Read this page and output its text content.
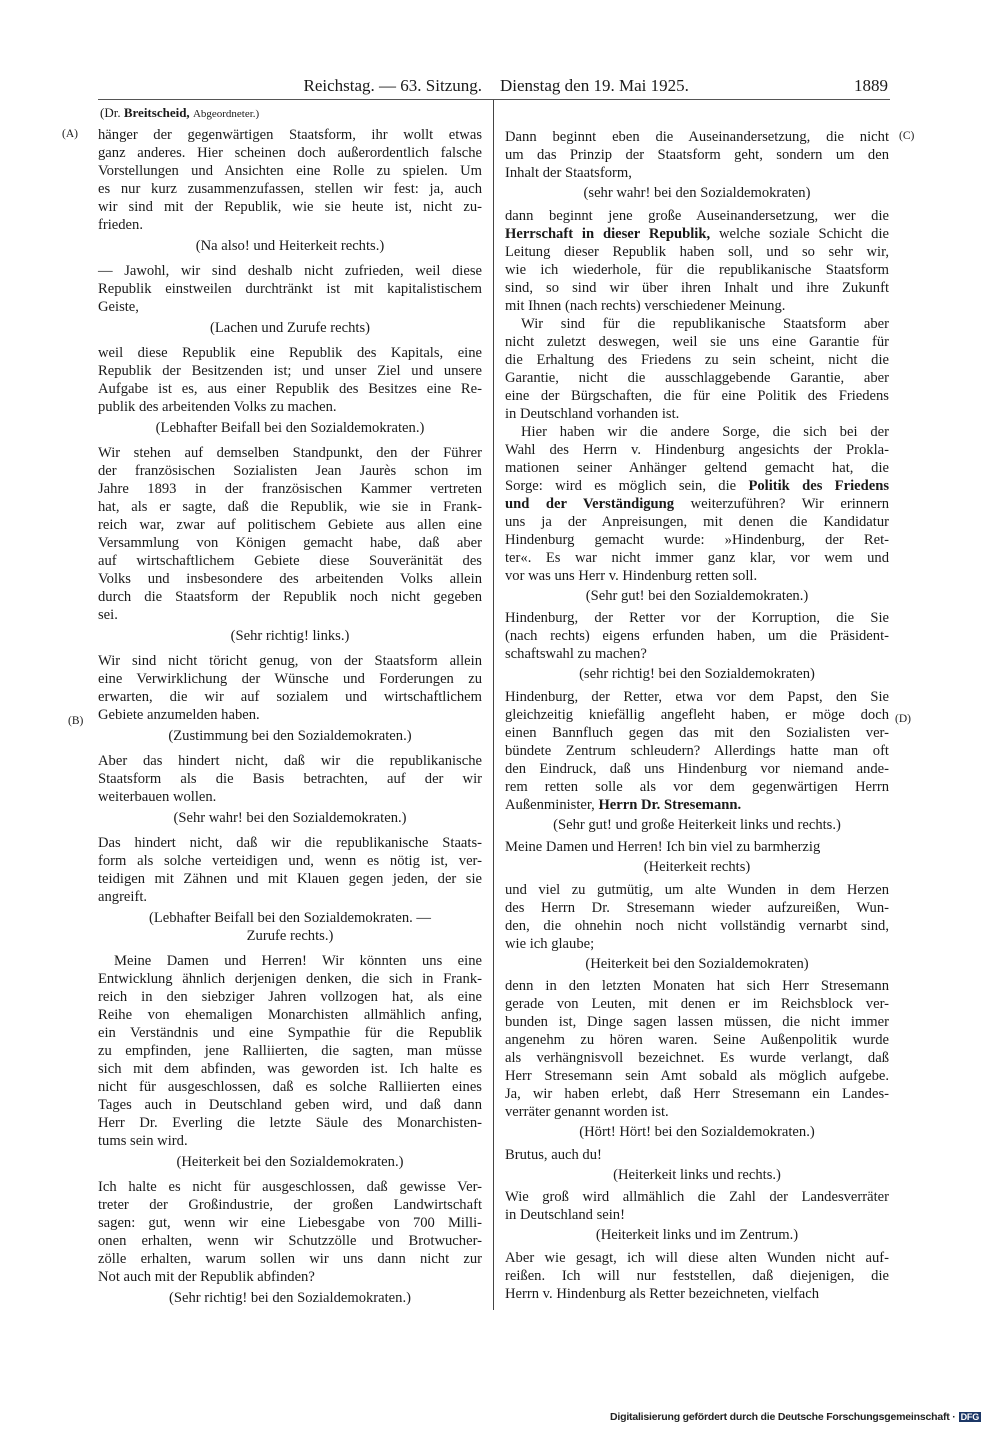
Reichstag. — 63. Sitzung. Dienstag den 19. Mai 1925.	1889
(A)
(B)
(C)
(D)
(Dr. Breitscheid, Abgeordneter.)
hänger der gegenwärtigen Staatsform, ihr wollt etwas
ganz anderes. Hier scheinen doch außerordentlich falsche
Vorstellungen und Ansichten eine Rolle zu spielen. Um
es nur kurz zusammenzufassen, stellen wir fest: ja, auch
wir sind mit der Republik, wie sie heute ist, nicht zu-
frieden.
(Na also! und Heiterkeit rechts.)
— Jawohl, wir sind deshalb nicht zufrieden, weil diese
Republik einstweilen durchtränkt ist mit kapitalistischem
Geiste,
(Lachen und Zurufe rechts)
weil diese Republik eine Republik des Kapitals, eine
Republik der Besitzenden ist; und unser Ziel und unsere
Aufgabe ist es, aus einer Republik des Besitzes eine Re-
publik des arbeitenden Volks zu machen.
(Lebhafter Beifall bei den Sozialdemokraten.)
Wir stehen auf demselben Standpunkt, den der Führer
der französischen Sozialisten Jean Jaurès schon im
Jahre 1893 in der französischen Kammer vertreten
hat, als er sagte, daß die Republik, wie sie in Frank-
reich war, zwar auf politischem Gebiete aus allen eine
Versammlung von Königen gemacht habe, daß aber
auf wirtschaftlichem Gebiete diese Souveränität des
Volks und insbesondere des arbeitenden Volks allein
durch die Staatsform der Republik noch nicht gegeben
sei.
(Sehr richtig! links.)
Wir sind nicht töricht genug, von der Staatsform allein
eine Verwirklichung der Wünsche und Forderungen zu
erwarten, die wir auf sozialem und wirtschaftlichem
Gebiete anzumelden haben.
(Zustimmung bei den Sozialdemokraten.)
Aber das hindert nicht, daß wir die republikanische
Staatsform als die Basis betrachten, auf der wir
weiterbauen wollen.
(Sehr wahr! bei den Sozialdemokraten.)
Das hindert nicht, daß wir die republikanische Staats-
form als solche verteidigen und, wenn es nötig ist, ver-
teidigen mit Zähnen und mit Klauen gegen jeden, der sie
angreift.
(Lebhafter Beifall bei den Sozialdemokraten. —
Zurufe rechts.)
Meine Damen und Herren! Wir könnten uns eine
Entwicklung ähnlich derjenigen denken, die sich in Frank-
reich in den siebziger Jahren vollzogen hat, als eine
Reihe von ehemaligen Monarchisten allmählich anfing,
ein Verständnis und eine Sympathie für die Republik
zu empfinden, jene Ralliierten, die sagten, man müsse
sich mit dem abfinden, was geworden ist. Ich halte es
nicht für ausgeschlossen, daß es solche Ralliierten eines
Tages auch in Deutschland geben wird, und daß dann
Herr Dr. Everling die letzte Säule des Monarchisten-
tums sein wird.
(Heiterkeit bei den Sozialdemokraten.)
Ich halte es nicht für ausgeschlossen, daß gewisse Ver-
treter der Großindustrie, der großen Landwirtschaft
sagen: gut, wenn wir eine Liebesgabe von 700 Milli-
onen erhalten, wenn wir Schutzzölle und Brotwucher-
zölle erhalten, warum sollen wir uns dann nicht zur
Not auch mit der Republik abfinden?
(Sehr richtig! bei den Sozialdemokraten.)
Dann beginnt eben die Auseinandersetzung, die nicht
um das Prinzip der Staatsform geht, sondern um den
Inhalt der Staatsform,
(sehr wahr! bei den Sozialdemokraten)
dann beginnt jene große Auseinandersetzung, wer die
Herrschaft in dieser Republik, welche soziale Schicht die
Leitung dieser Republik haben soll, und so sehr wir,
wie ich wiederhole, für die republikanische Staatsform
sind, so sind wir über ihren Inhalt und ihre Zukunft
mit Ihnen (nach rechts) verschiedener Meinung.
Wir sind für die republikanische Staatsform aber
nicht zuletzt deswegen, weil sie uns eine Garantie für
die Erhaltung des Friedens zu sein scheint, nicht die
Garantie, nicht die ausschlaggebende Garantie, aber
eine der Bürgschaften, die für eine Politik des Friedens
in Deutschland vorhanden ist.
Hier haben wir die andere Sorge, die sich bei der
Wahl des Herrn v. Hindenburg angesichts der Prokla-
mationen seiner Anhänger geltend gemacht hat, die
Sorge: wird es möglich sein, die Politik des Friedens
und der Verständigung weiterzuführen? Wir erinnern
uns ja der Anpreisungen, mit denen die Kandidatur
Hindenburg gemacht wurde: »Hindenburg, der Ret-
ter«. Es war nicht immer ganz klar, vor wem und
vor was uns Herr v. Hindenburg retten soll.
(Sehr gut! bei den Sozialdemokraten.)
Hindenburg, der Retter vor der Korruption, die Sie
(nach rechts) eigens erfunden haben, um die Präsident-
schaftswahl zu machen?
(sehr richtig! bei den Sozialdemokraten)
Hindenburg, der Retter, etwa vor dem Papst, den Sie
gleichzeitig kniefällig angefleht haben, er möge doch
einen Bannfluch gegen das mit den Sozialisten ver-
bündete Zentrum schleudern? Allerdings hatte man oft
den Eindruck, daß uns Hindenburg vor niemand ande-
rem retten solle als vor dem gegenwärtigen Herrn
Außenminister, Herrn Dr. Stresemann.
(Sehr gut! und große Heiterkeit links und rechts.)
Meine Damen und Herren! Ich bin viel zu barmherzig
(Heiterkeit rechts)
und viel zu gutmütig, um alte Wunden in dem Herzen
des Herrn Dr. Stresemann wieder aufzureißen, Wun-
den, die ohnehin noch nicht vollständig vernarbt sind,
wie ich glaube;
(Heiterkeit bei den Sozialdemokraten)
denn in den letzten Monaten hat sich Herr Stresemann
gerade von Leuten, mit denen er im Reichsblock ver-
bunden ist, Dinge sagen lassen müssen, die nicht immer
angenehm zu hören waren. Seine Außenpolitik wurde
als verhängnisvoll bezeichnet. Es wurde verlangt, daß
Herr Stresemann sein Amt sobald als möglich aufgebe.
Ja, wir haben erlebt, daß Herr Stresemann ein Landes-
verräter genannt worden ist.
(Hört! Hört! bei den Sozialdemokraten.)
Brutus, auch du!
(Heiterkeit links und rechts.)
Wie groß wird allmählich die Zahl der Landesverräter
in Deutschland sein!
(Heiterkeit links und im Zentrum.)
Aber wie gesagt, ich will diese alten Wunden nicht auf-
reißen. Ich will nur feststellen, daß diejenigen, die
Herrn v. Hindenburg als Retter bezeichneten, vielfach
Digitalisierung gefördert durch die Deutsche Forschungsgemeinschaft · DFG
